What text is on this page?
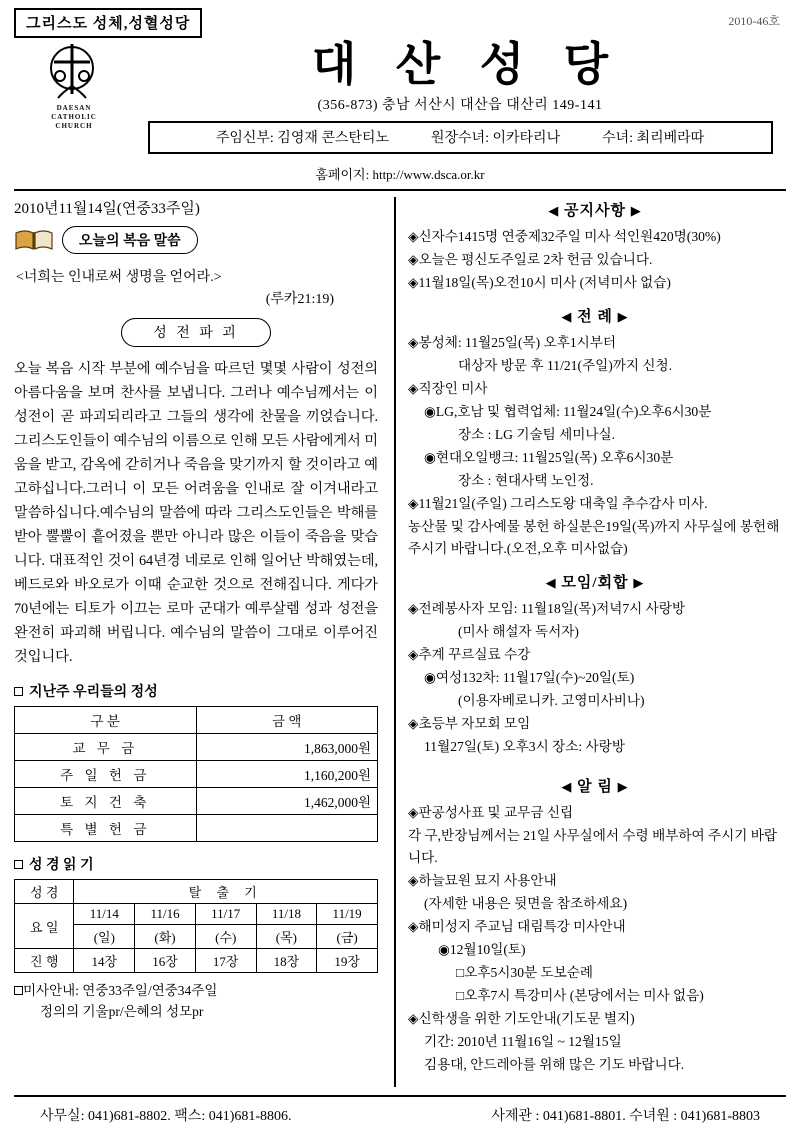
그리스도 성체,성혈성당	2010-46호
DAESAN
CATHOLIC
CHURCH
대 산 성 당
(356-873) 충남 서산시 대산읍 대산리 149-141
주임신부: 김영재 콘스탄티노	원장수녀: 이카타리나	수녀: 최리베라따
홈페이지: http://www.dsca.or.kr
2010년11월14일(연중33주일)
오늘의 복음 말씀
<너희는 인내로써 생명을 얻어라.>
(루카21:19)
성 전 파 괴
오늘 복음 시작 부분에 예수님을 따르던 몇몇 사람이 성전의 아름다움을 보며 찬사를 보냅니다. 그러나 예수님께서는 이 성전이 곧 파괴되리라고 그들의 생각에 찬물을 끼얹습니다.그리스도인들이 예수님의 이름으로 인해 모든 사람에게서 미움을 받고, 감옥에 갇히거나 죽음을 맞기까지 할 것이라고 예고하십니다.그러니 이 모든 어려움을 인내로 잘 이겨내라고 말씀하십니다.예수님의 말씀에 따라 그리스도인들은 박해를 받아 뿔뿔이 흩어졌을 뿐만 아니라 많은 이들이 죽음을 맞습니다. 대표적인 것이 64년경 네로로 인해 일어난 박해였는데, 베드로와 바오로가 이때 순교한 것으로 전해집니다. 게다가 70년에는 티토가 이끄는 로마 군대가 예루살렘 성과 성전을 완전히 파괴해 버립니다. 예수님의 말씀이 그대로 이루어진 것입니다.
지난주 우리들의 정성
구 분	금 액
교 무 금	1,863,000원
주 일 헌 금	1,160,200원
토 지 건 축	1,462,000원
특 별 헌 금	
성 경 읽 기
성 경	탈 출 기				
요 일	11/14	11/16	11/17	11/18	11/19
	(일)	(화)	(수)	(목)	(금)
진 행	14장	16장	17장	18장	19장
미사안내: 연중33주일/연중34주일
정의의 기울pr/은혜의 성모pr
◀ 공지사항 ▶
◈신자수1415명 연중제32주일 미사 석인원420명(30%)
◈오늘은 평신도주일로 2차 헌금 있습니다.
◈11월18일(목)오전10시 미사 (저녁미사 없습)
◀ 전 례 ▶
◈봉성체: 11월25일(목) 오후1시부터
대상자 방문 후 11/21(주일)까지 신청.
◈직장인 미사
◉LG,호남 및 협력업체: 11월24일(수)오후6시30분
장소 : LG 기술팀 세미나실.
◉현대오일뱅크: 11월25일(목) 오후6시30분
장소 : 현대사택 노인정.
◈11월21일(주일) 그리스도왕 대축일 추수감사 미사.
농산물 및 감사예물 봉헌 하실분은19일(목)까지 사무실에 봉헌해 주시기 바랍니다.(오전,오후 미사없습)
◀ 모임/회합 ▶
◈전례봉사자 모임: 11월18일(목)저녁7시 사랑방
(미사 해설자 독서자)
◈추계 꾸르실료 수강
◉여성132차: 11월17일(수)~20일(토)
(이용자베로니카. 고영미사비나)
◈초등부 자모회 모임
11월27일(토) 오후3시 장소: 사랑방
◀ 알 림 ▶
◈판공성사표 및 교무금 신립
각 구,반장님께서는 21일 사무실에서 수령 배부하여 주시기 바랍니다.
◈하늘묘원 묘지 사용안내
(자세한 내용은 뒷면을 참조하세요)
◈해미성지 주교님 대림특강 미사안내
◉12월10일(토)
□오후5시30분 도보순례
□오후7시 특강미사 (본당에서는 미사 없음)
◈신학생을 위한 기도안내(기도문 별지)
기간: 2010년 11월16일 ~ 12월15일
김용대, 안드레아를 위해 많은 기도 바랍니다.
사무실: 041)681-8802. 팩스: 041)681-8806.	사제관 : 041)681-8801. 수녀원 : 041)681-8803
